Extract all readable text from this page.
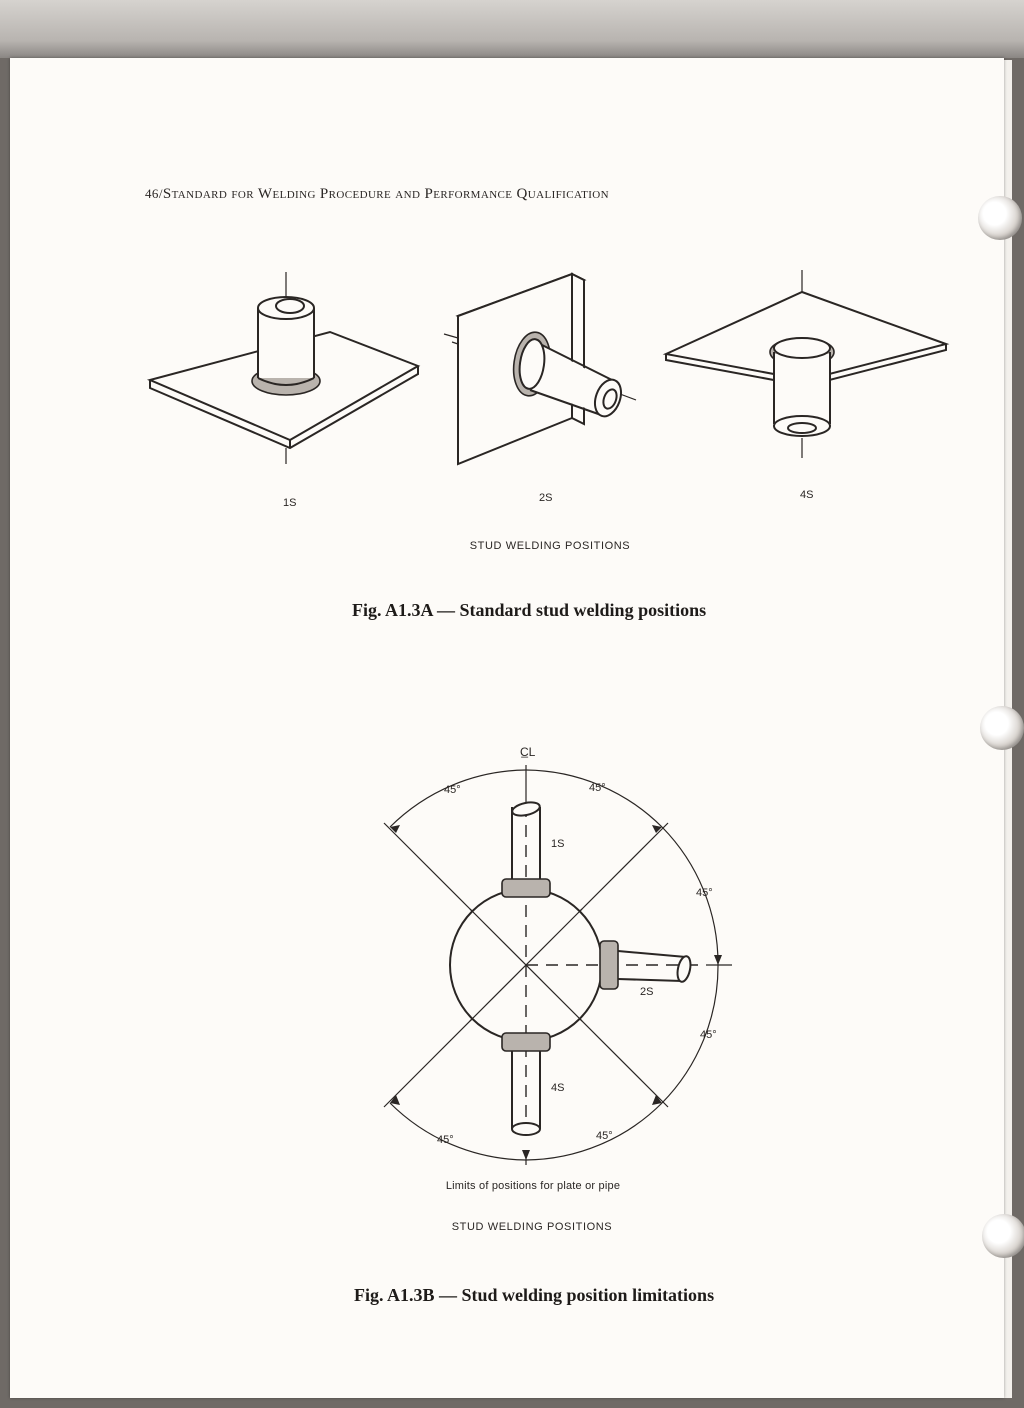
46/Standard for Welding Procedure and Performance Qualification
1S	2S	4S
STUD WELDING POSITIONS
Fig. A1.3A — Standard stud welding positions
C̲L
45°	45°
45°
45°
45°	45°
1S
2S
4S
Limits of positions for plate or pipe
STUD WELDING POSITIONS
Fig. A1.3B — Stud welding position limitations
